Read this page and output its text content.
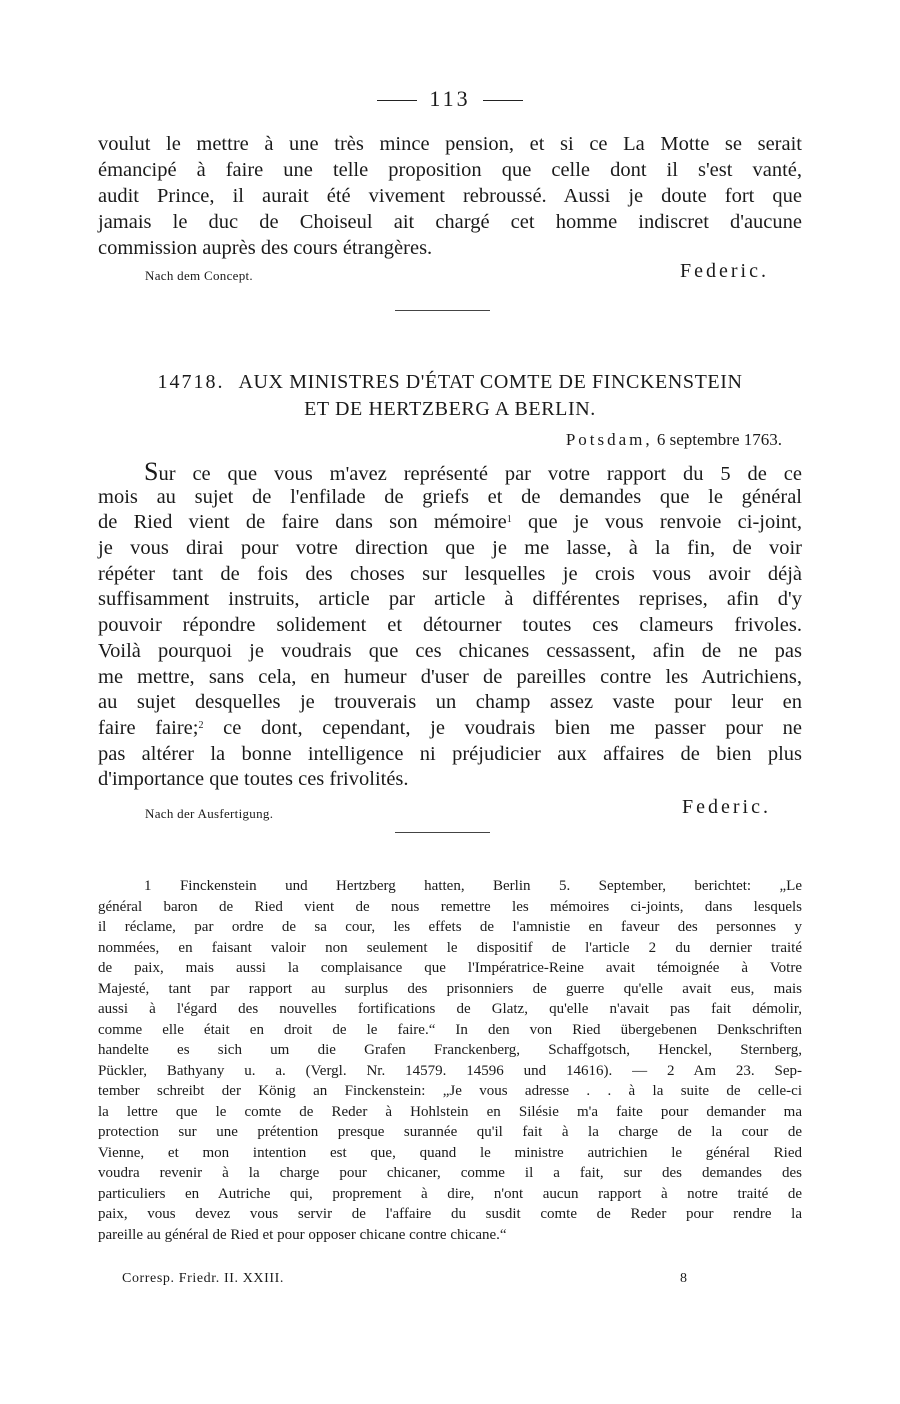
113
voulut le mettre à une très mince pension, et si ce La Motte se serait
émancipé à faire une telle proposition que celle dont il s'est vanté,
audit Prince, il aurait été vivement rebroussé. Aussi je doute fort que
jamais le duc de Choiseul ait chargé cet homme indiscret d'aucune
commission auprès des cours étrangères.
Nach dem Concept.	Federic.
14718. AUX MINISTRES D'ÉTAT COMTE DE FINCKENSTEIN
ET DE HERTZBERG A BERLIN.
Potsdam, 6 septembre 1763.
Sur ce que vous m'avez représenté par votre rapport du 5 de ce
mois au sujet de l'enfilade de griefs et de demandes que le général
de Ried vient de faire dans son mémoire$^1$ que je vous renvoie ci-joint,
je vous dirai pour votre direction que je me lasse, à la fin, de voir
répéter tant de fois des choses sur lesquelles je crois vous avoir déjà
suffisamment instruits, article par article à différentes reprises, afin d'y
pouvoir répondre solidement et détourner toutes ces clameurs frivoles.
Voilà pourquoi je voudrais que ces chicanes cessassent, afin de ne pas
me mettre, sans cela, en humeur d'user de pareilles contre les Autrichiens,
au sujet desquelles je trouverais un champ assez vaste pour leur en
faire faire;$^2$ ce dont, cependant, je voudrais bien me passer pour ne
pas altérer la bonne intelligence ni préjudicier aux affaires de bien plus
d'importance que toutes ces frivolités.
Nach der Ausfertigung.	Federic.
1 Finckenstein und Hertzberg hatten, Berlin 5. September, berichtet: „Le
général baron de Ried vient de nous remettre les mémoires ci-joints, dans lesquels
il réclame, par ordre de sa cour, les effets de l'amnistie en faveur des personnes y
nommées, en faisant valoir non seulement le dispositif de l'article 2 du dernier traité
de paix, mais aussi la complaisance que l'Impératrice-Reine avait témoignée à Votre
Majesté, tant par rapport au surplus des prisonniers de guerre qu'elle avait eus, mais
aussi à l'égard des nouvelles fortifications de Glatz, qu'elle n'avait pas fait démolir,
comme elle était en droit de le faire.“ In den von Ried übergebenen Denkschriften
handelte es sich um die Grafen Franckenberg, Schaffgotsch, Henckel, Sternberg,
Pückler, Bathyany u. a. (Vergl. Nr. 14579. 14596 und 14616). — 2 Am 23. Sep-
tember schreibt der König an Finckenstein: „Je vous adresse . . à la suite de celle-ci
la lettre que le comte de Reder à Hohlstein en Silésie m'a faite pour demander ma
protection sur une prétention presque surannée qu'il fait à la charge de la cour de
Vienne, et mon intention est que, quand le ministre autrichien le général Ried
voudra revenir à la charge pour chicaner, comme il a fait, sur des demandes des
particuliers en Autriche qui, proprement à dire, n'ont aucun rapport à notre traité de
paix, vous devez vous servir de l'affaire du susdit comte de Reder pour rendre la
pareille au général de Ried et pour opposer chicane contre chicane.“
Corresp. Friedr. II. XXIII.	8
